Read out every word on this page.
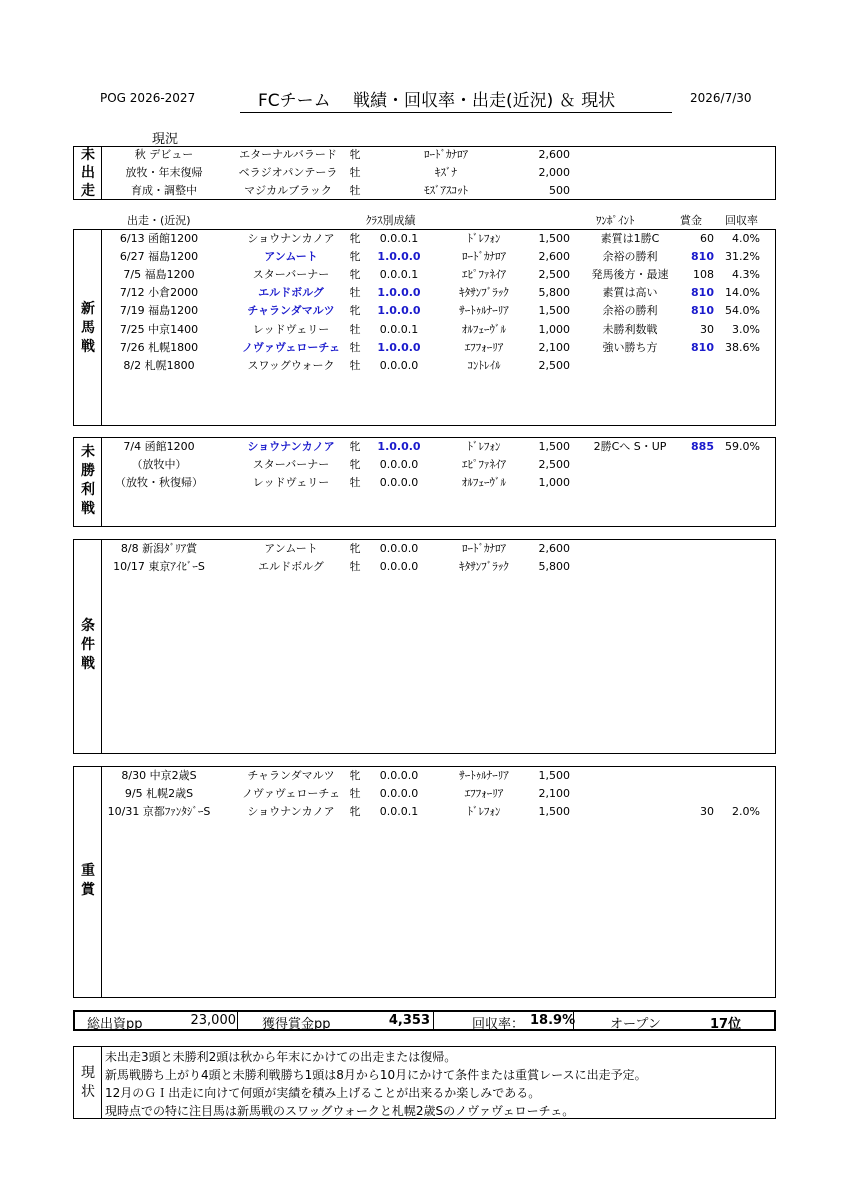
POG 2026-2027	FCチーム　 戦績・回収率・出走(近況) ＆ 現状	2026/7/30
現況
未
出
走
秋 デビュー	エターナルバラード	牝	ﾛｰﾄﾞｶﾅﾛｱ	2,600
放牧・年末復帰	ベラジオパンテーラ	牡	ｷｽﾞﾅ	2,000
育成・調整中	マジカルブラック	牡	ﾓｽﾞｱｽｺｯﾄ	500
出走・(近況)	ｸﾗｽ別成績	ﾜﾝﾎﾟｲﾝﾄ	賞金 回収率
新
馬
戦
6/13 函館1200	ショウナンカノア	牝	0.0.0.1	ﾄﾞﾚﾌｫﾝ	1,500	素質は1勝C	60	4.0%
6/27 福島1200	アンムート	牝	1.0.0.0	ﾛｰﾄﾞｶﾅﾛｱ	2,600	余裕の勝利	810	31.2%
7/5 福島1200	スターバーナー	牝	0.0.0.1	ｴﾋﾟﾌｧﾈｲｱ	2,500	発馬後方・最速	108	4.3%
7/12 小倉2000	エルドボルグ	牡	1.0.0.0	ｷﾀｻﾝﾌﾞﾗｯｸ	5,800	素質は高い	810	14.0%
7/19 福島1200	チャランダマルツ	牝	1.0.0.0	ｻｰﾄｩﾙﾅｰﾘｱ	1,500	余裕の勝利	810	54.0%
7/25 中京1400	レッドヴェリー	牡	0.0.0.1	ｵﾙﾌｪｰｳﾞﾙ	1,000	未勝利数戦	30	3.0%
7/26 札幌1800	ノヴァヴェローチェ 牡	1.0.0.0	ｴﾌﾌｫｰﾘｱ	2,100	強い勝ち方	810	38.6%
8/2 札幌1800	スワッグウォーク	牡	0.0.0.0	ｺﾝﾄﾚｲﾙ	2,500
未
勝
利
戦
7/4 函館1200	ショウナンカノア	牝	1.0.0.0	ﾄﾞﾚﾌｫﾝ	1,500	2勝Cへ S・UP	885	59.0%
（放牧中）	スターバーナー	牝	0.0.0.0	ｴﾋﾟﾌｧﾈｲｱ	2,500
（放牧・秋復帰）	レッドヴェリー	牡	0.0.0.0	ｵﾙﾌｪｰｳﾞﾙ	1,000
条
件
戦
8/8 新潟ﾀﾞﾘｱ賞	アンムート	牝	0.0.0.0	ﾛｰﾄﾞｶﾅﾛｱ	2,600
10/17 東京ｱｲﾋﾞｰS	エルドボルグ	牡	0.0.0.0	ｷﾀｻﾝﾌﾞﾗｯｸ	5,800
重
賞
8/30 中京2歳S	チャランダマルツ	牝	0.0.0.0	ｻｰﾄｩﾙﾅｰﾘｱ	1,500
9/5 札幌2歳S	ノヴァヴェローチェ 牡	0.0.0.0	ｴﾌﾌｫｰﾘｱ	2,100
10/31 京都ﾌｧﾝﾀｼﾞｰS	ショウナンカノア	牝	0.0.0.1	ﾄﾞﾚﾌｫﾝ	1,500	30	2.0%
総出資pp	23,000 獲得賞金pp	4,353	回収率： 18.9%	オープン	17位
現
状
未出走3頭と未勝利2頭は秋から年末にかけての出走または復帰。
新馬戦勝ち上がり4頭と未勝利戦勝ち1頭は8月から10月にかけて条件または重賞レースに出走予定。
12月のＧＩ出走に向けて何頭が実績を積み上げることが出来るか楽しみである。
現時点での特に注目馬は新馬戦のスワッグウォークと札幌2歳Sのノヴァヴェローチェ。
